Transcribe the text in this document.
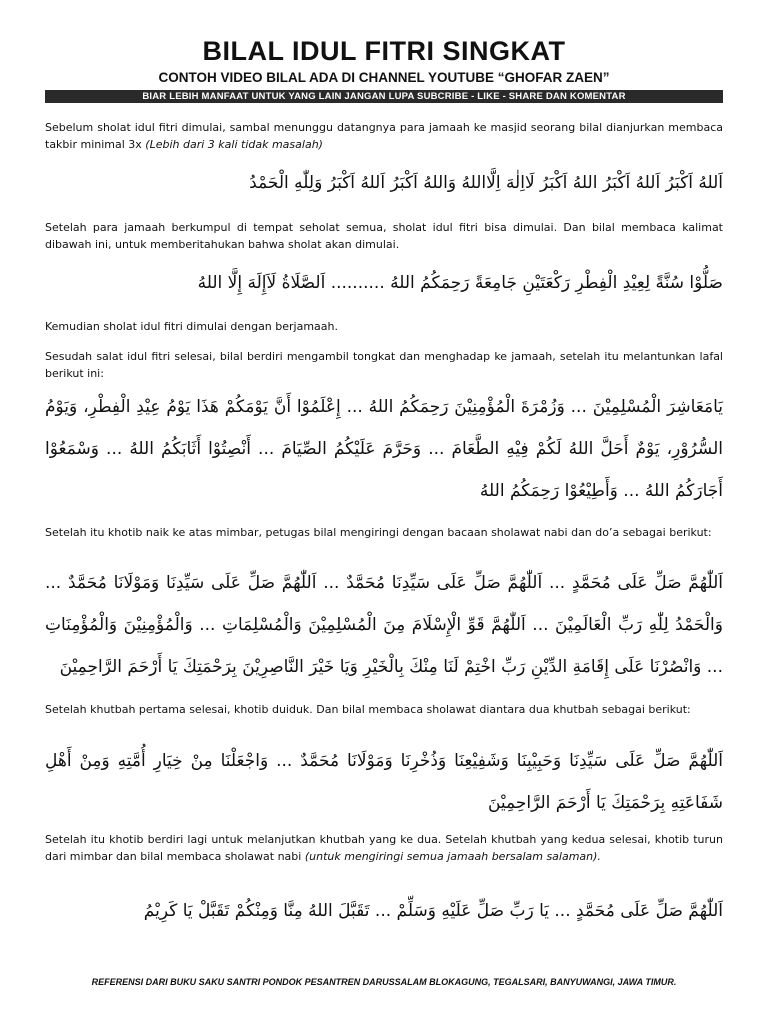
BILAL IDUL FITRI SINGKAT
CONTOH VIDEO BILAL ADA DI CHANNEL YOUTUBE “GHOFAR ZAEN”
BIAR LEBIH MANFAAT UNTUK YANG LAIN JANGAN LUPA SUBCRIBE - LIKE - SHARE DAN KOMENTAR
Sebelum sholat idul fitri dimulai, sambal menunggu datangnya para jamaah ke masjid seorang bilal dianjurkan membaca takbir minimal 3x (Lebih dari 3 kali tidak masalah)
اَللهُ اَكْبَرُ اَللهُ اَكْبَرُ اللهُ اَكْبَرُ لَااِلٰهَ اِلَّااللهُ وَاللهُ اَكْبَرُ اَللهُ اَكْبَرُ وَلِلّٰهِ الْحَمْدُ
Setelah para jamaah berkumpul di tempat seholat semua, sholat idul fitri bisa dimulai. Dan bilal membaca kalimat dibawah ini, untuk memberitahukan bahwa sholat akan dimulai.
صَلُّوْا سُنَّةً لِعِيْدِ الْفِطْرِ رَكْعَتَيْنِ جَامِعَةً رَحِمَكُمُ اللهُ .......... اَلصَّلَاةُ لَاَإِلَهَ إِلَّا اللهُ
Kemudian sholat idul fitri dimulai dengan berjamaah.
Sesudah salat idul fitri selesai, bilal berdiri mengambil tongkat dan menghadap ke jamaah, setelah itu melantunkan lafal berikut ini:
يَامَعَاشِرَ الْمُسْلِمِيْنَ ... وَزُمْرَةَ الْمُؤْمِنِيْنَ رَحِمَكُمُ اللهُ ... إِعْلَمُوْا أَنَّ يَوْمَكُمْ هَذَا يَوْمُ عِيْدِ الْفِطْرِ، وَيَوْمُ السُّرُوْرِ، يَوْمٌ أَحَلَّ اللهُ لَكُمْ فِيْهِ الطَّعَامَ ... وَحَرَّمَ عَلَيْكُمُ الصِّيَامَ ... أَنْصِتُوْا أَثَابَكُمُ اللهُ ... وَسْمَعُوْا أَجَارَكُمُ اللهُ ... وَأَطِيْعُوْا رَحِمَكُمُ اللهُ
Setelah itu khotib naik ke atas mimbar, petugas bilal mengiringi dengan bacaan sholawat nabi dan do’a sebagai berikut:
اَللّٰهُمَّ صَلِّ عَلَى مُحَمَّدٍ ... اَللّٰهُمَّ صَلِّ عَلَى سَيِّدِنَا مُحَمَّدٌ ... اَللّٰهُمَّ صَلِّ عَلَى سَيِّدِنَا وَمَوْلَانَا مُحَمَّدٌ ... وَالْحَمْدُ لِلّٰهِ رَبِّ الْعَالَمِيْنَ ... اَللّٰهُمَّ قَوِّ الْإِسْلَامَ مِنَ الْمُسْلِمِيْنَ وَالْمُسْلِمَاتِ ... وَالْمُؤْمِنِيْنَ وَالْمُؤْمِنَاتِ ... وَانْصُرْنَا عَلَى إِقَامَةِ الدِّيْنِ رَبِّ اخْتِمْ لَنَا مِنْكَ بِالْخَيْرِ وَيَا خَيْرَ النَّاصِرِيْنَ بِرَحْمَتِكَ يَا أَرْحَمَ الرَّاحِمِيْنَ
Setelah khutbah pertama selesai, khotib duiduk. Dan bilal membaca sholawat diantara dua khutbah sebagai berikut:
اَللّٰهُمَّ صَلِّ عَلَى سَيِّدِنَا وَحَبِيْبِنَا وَشَفِيْعِنَا وَذُخْرِنَا وَمَوْلَانَا مُحَمَّدٌ ... وَاجْعَلْنَا مِنْ خِيَارِ أُمَّتِهِ وَمِنْ أَهْلِ شَفَاعَتِهِ بِرَحْمَتِكَ يَا أَرْحَمَ الرَّاحِمِيْنَ
Setelah itu khotib berdiri lagi untuk melanjutkan khutbah yang ke dua. Setelah khutbah yang kedua selesai, khotib turun dari mimbar dan bilal membaca sholawat nabi (untuk mengiringi semua jamaah bersalam salaman).
اَللّٰهُمَّ صَلِّ عَلَى مُحَمَّدٍ ... يَا رَبِّ صَلِّ عَلَيْهِ وَسَلِّمْ ... تَقَبَّلَ اللهُ مِنَّا وَمِنْكُمْ تَقَبَّلْ يَا كَرِيْمُ
REFERENSI DARI BUKU SAKU SANTRI PONDOK PESANTREN DARUSSALAM BLOKAGUNG, TEGALSARI, BANYUWANGI, JAWA TIMUR.
